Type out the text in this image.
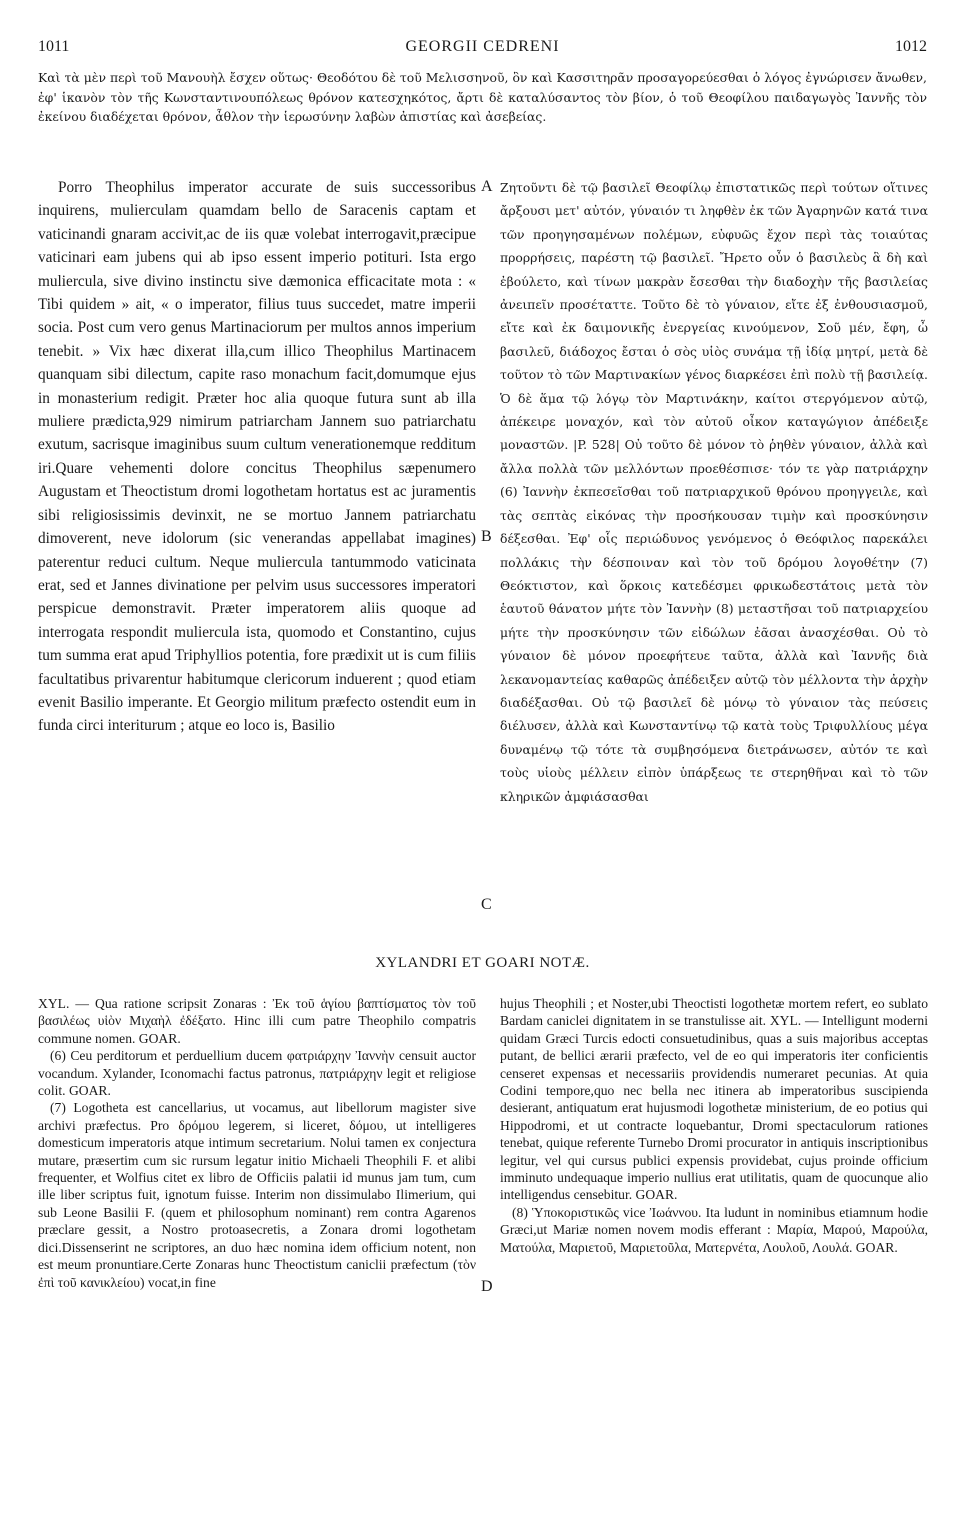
1011	GEORGII CEDRENI	1012
Καὶ τὰ μὲν περὶ τοῦ Μανουὴλ ἔσχεν οὕτως· Θεοδότου δὲ τοῦ Μελισσηνοῦ, ὃν καὶ Κασσιτηρᾶν προσαγορεύεσθαι ὁ λόγος ἐγνώρισεν ἄνωθεν, ἐφ' ἱκανὸν τὸν τῆς Κωνσταντινουπόλεως θρόνον κατεσχηκότος, ἄρτι δὲ καταλύσαντος τὸν βίον, ὁ τοῦ Θεοφίλου παιδαγωγὸς Ἰαννῆς τὸν ἐκείνου διαδέχεται θρόνον, ἆθλον τὴν ἱερωσύνην λαβὼν ἀπιστίας καὶ ἀσεβείας.

Porro Theophilus imperator accurate de suis successoribus inquirens, mulierculam quamdam bello de Saracenis captam et vaticinandi gnaram accivit,ac de iis quæ volebat interrogavit,præcipue vaticinari eam jubens qui ab ipso essent imperio potituri. Ista ergo muliercula, sive divino instinctu sive dæmonica efficacitate mota : « Tibi quidem » ait, « o imperator, filius tuus succedet, matre imperii socia. Post cum vero genus Martinaciorum per multos annos imperium tenebit. » Vix hæc dixerat illa,cum illico Theophilus Martinacem quanquam sibi dilectum, capite raso monachum facit,domumque ejus in monasterium redigit. Præter hoc alia quoque futura sunt ab illa muliere prædicta,929 nimirum patriarcham Jannem suo patriarchatu exutum, sacrisque imaginibus suum cultum venerationemque redditum iri.Quare vehementi dolore concitus Theophilus sæpenumero Augustam et Theoctistum dromi logothetam hortatus est ac juramentis sibi religiosissimis devinxit, ne se mortuo Jannem patriarchatu dimoverent, neve idolorum (sic venerandas appellabat imagines) paterentur reduci cultum. Neque muliercula tantummodo vaticinata erat, sed et Jannes divinatione per pelvim usus successores imperatori perspicue demonstravit. Præter imperatorem aliis quoque ad interrogata respondit muliercula ista, quomodo et Constantino, cujus tum summa erat apud Triphyllios potentia, fore prædixit ut is cum filiis facultatibus privarentur habitumque clericorum induerent ; quod etiam evenit Basilio imperante. Et Georgio militum præfecto ostendit eum in funda circi interiturum ; atque eo loco is, Basilio

A
B
C

Ζητοῦντι δὲ τῷ βασιλεῖ Θεοφίλῳ ἐπιστατικῶς περὶ τούτων οἵτινες ἄρξουσι μετ' αὐτόν, γύναιόν τι ληφθὲν ἐκ τῶν Ἀγαρηνῶν κατά τινα τῶν προηγησαμένων πολέμων, εὐφυῶς ἔχον περὶ τὰς τοιαύτας προρρήσεις, παρέστη τῷ βασιλεῖ. Ἤρετο οὖν ὁ βασιλεὺς ἃ δὴ καὶ ἐβούλετο, καὶ τίνων μακρὰν ἔσεσθαι τὴν διαδοχὴν τῆς βασιλείας ἀνειπεῖν προσέταττε. Τοῦτο δὲ τὸ γύναιον, εἴτε ἐξ ἐνθουσιασμοῦ, εἴτε καὶ ἐκ δαιμονικῆς ἐνεργείας κινούμενον, Σοῦ μέν, ἔφη, ὦ βασιλεῦ, διάδοχος ἔσται ὁ σὸς υἱὸς συνάμα τῇ ἰδίᾳ μητρί, μετὰ δὲ τοῦτον τὸ τῶν Μαρτινακίων γένος διαρκέσει ἐπὶ πολὺ τῇ βασιλείᾳ. Ὁ δὲ ἅμα τῷ λόγῳ τὸν Μαρτινάκην, καίτοι στεργόμενον αὐτῷ, ἀπέκειρε μοναχόν, καὶ τὸν αὐτοῦ οἶκον καταγώγιον ἀπέδειξε μοναστῶν. |P. 528| Οὐ τοῦτο δὲ μόνον τὸ ῥηθὲν γύναιον, ἀλλὰ καὶ ἄλλα πολλὰ τῶν μελλόντων προεθέσπισε· τόν τε γὰρ πατριάρχην (6) Ἰαννὴν ἐκπεσεῖσθαι τοῦ πατριαρχικοῦ θρόνου προηγγειλε, καὶ τὰς σεπτὰς εἰκόνας τὴν προσήκουσαν τιμὴν καὶ προσκύνησιν δέξεσθαι. Ἐφ' οἷς περιώδυνος γενόμενος ὁ Θεόφιλος παρεκάλει πολλάκις τὴν δέσποιναν καὶ τὸν τοῦ δρόμου λογοθέτην (7) Θεόκτιστον, καὶ ὅρκοις κατεδέσμει φρικωδεστάτοις μετὰ τὸν ἑαυτοῦ θάνατον μήτε τὸν Ἰαννὴν (8) μεταστῆσαι τοῦ πατριαρχείου μήτε τὴν προσκύνησιν τῶν εἰδώλων ἐᾶσαι ἀνασχέσθαι. Οὐ τὸ γύναιον δὲ μόνον προεφήτευε ταῦτα, ἀλλὰ καὶ Ἰαννῆς διὰ λεκανομαντείας καθαρῶς ἀπέδειξεν αὐτῷ τὸν μέλλοντα τὴν ἀρχὴν διαδέξασθαι. Οὐ τῷ βασιλεῖ δὲ μόνῳ τὸ γύναιον τὰς πεύσεις διέλυσεν, ἀλλὰ καὶ Κωνσταντίνῳ τῷ κατὰ τοὺς Τριφυλλίους μέγα δυναμένῳ τῷ τότε τὰ συμβησόμενα διετράνωσεν, αὐτόν τε καὶ τοὺς υἱοὺς μέλλειν εἰπὸν ὑπάρξεως τε στερηθῆναι καὶ τὸ τῶν κληρικῶν ἀμφιάσασθαι

XYLANDRI ET GOARI NOTÆ.

XYL. — Qua ratione scripsit Zonaras : Ἐκ τοῦ ἁγίου βαπτίσματος τὸν τοῦ βασιλέως υἱὸν Μιχαὴλ ἐδέξατο. Hinc illi cum patre Theophilo compatris commune nomen. GOAR.

(6) Ceu perditorum et perduellium ducem φατριάρχην Ἰαννὴν censuit auctor vocandum. Xylander, Iconomachi factus patronus, πατριάρχην legit et religiose colit. GOAR.

(7) Logotheta est cancellarius, ut vocamus, aut libellorum magister sive archivi præfectus. Pro δρόμου legerem, si liceret, δόμου, ut intelligeres domesticum imperatoris atque intimum secretarium. Nolui tamen ex conjectura mutare, præsertim cum sic rursum legatur initio Michaeli Theophili F. et alibi frequenter, et Wolfius citet ex libro de Officiis palatii id munus jam tum, cum ille liber scriptus fuit, ignotum fuisse. Interim non dissimulabo Ilimerium, qui sub Leone Basilii F. (quem et philosophum nominant) rem contra Agarenos præclare gessit, a Nostro protoasecretis, a Zonara dromi logothetam dici.Dissenserint ne scriptores, an duo hæc nomina idem officium notent, non est meum pronuntiare.Certe Zonaras hunc Theoctistum caniclii præfectum (τὸν ἐπὶ τοῦ κανικλείου) vocat,in fine	D

hujus Theophili ; et Noster,ubi Theoctisti logothetæ mortem refert, eo sublato Bardam caniclei dignitatem in se transtulisse ait. XYL. — Intelligunt moderni quidam Græci Turcis edocti consuetudinibus, quas a suis majoribus acceptas putant, de bellici ærarii præfecto, vel de eo qui imperatoris iter conficientis censeret expensas et necessariis providendis numeraret pecunias. At quia Codini tempore,quo nec bella nec itinera ab imperatoribus suscipienda desierant, antiquatum erat hujusmodi logothetæ ministerium, de eo potius qui Hippodromi, et ut contracte loquebantur, Dromi spectaculorum rationes tenebat, quique referente Turnebo Dromi procurator in antiquis inscriptionibus legitur, vel qui cursus publici expensis providebat, cujus proinde officium imminuto undequaque imperio nullius erat utilitatis, quam de quocunque alio intelligendus censebitur. GOAR.

(8) Ὑποκοριστικῶς vice Ἰωάννου. Ita ludunt in nominibus etiamnum hodie Græci,ut Mariæ nomen novem modis efferant : Μαρία, Μαρού, Μαρούλα, Ματούλα, Μαριετοῦ, Μαριετοῦλα, Ματερνέτα, Λουλοῦ, Λουλά. GOAR.
